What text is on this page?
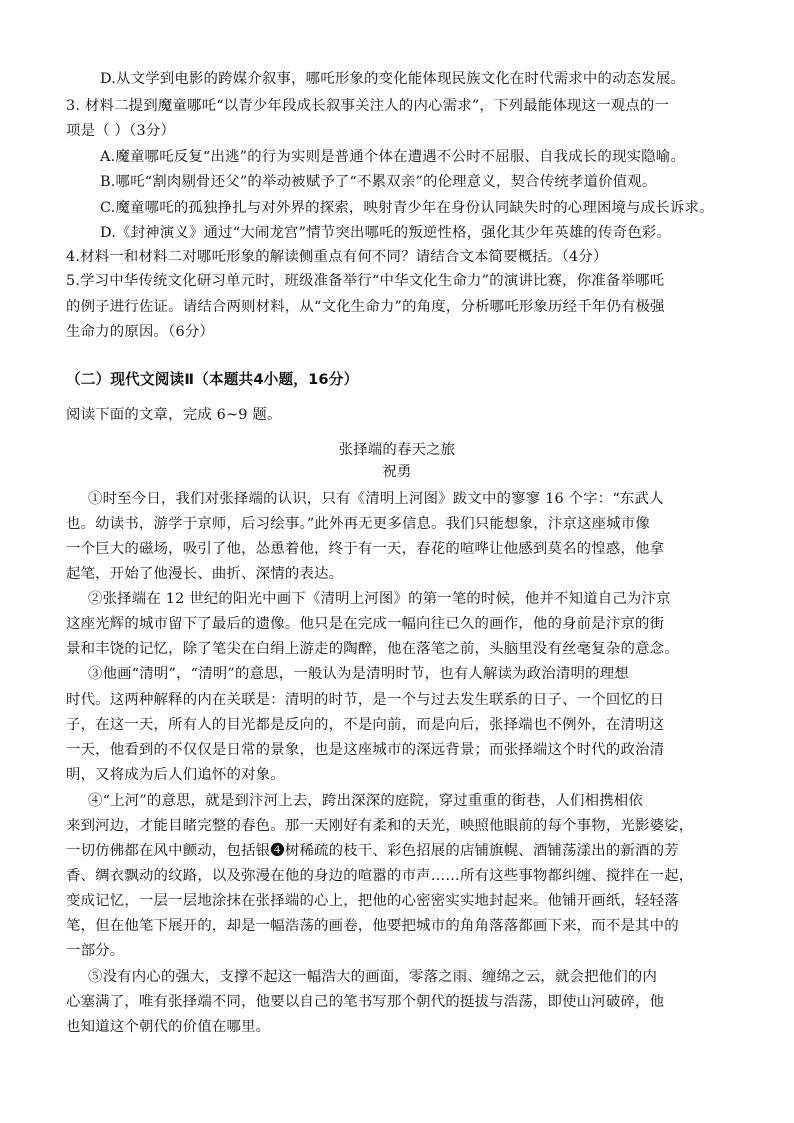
D.从文学到电影的跨媒介叙事，哪吒形象的变化能体现民族文化在时代需求中的动态发展。
3. 材料二提到魔童哪吒“以青少年段成长叙事关注人的内心需求”，下列最能体现这一观点的一
项是（ ）（3分）
A.魔童哪吒反复“出逃”的行为实则是普通个体在遭遇不公时不屈服、自我成长的现实隐喻。
B.哪吒“割肉剔骨还父”的举动被赋予了“不累双亲”的伦理意义，契合传统孝道价值观。
C.魔童哪吒的孤独挣扎与对外界的探索，映射青少年在身份认同缺失时的心理困境与成长诉求。
D.《封神演义》通过“大闹龙宫”情节突出哪吒的叛逆性格，强化其少年英雄的传奇色彩。
4.材料一和材料二对哪吒形象的解读侧重点有何不同？请结合文本简要概括。（4分）
5.学习中华传统文化研习单元时，班级准备举行“中华文化生命力”的演讲比赛，你准备举哪吒
的例子进行佐证。请结合两则材料，从“文化生命力”的角度，分析哪吒形象历经千年仍有极强
生命力的原因。（6分）
（二）现代文阅读Ⅱ（本题共4小题，16分）
阅读下面的文章，完成 6~9 题。
张择端的春天之旅
祝勇
①时至今日，我们对张择端的认识，只有《清明上河图》跋文中的寥寥 16 个字：“东武人
也。幼读书，游学于京师，后习绘事。”此外再无更多信息。我们只能想象，汴京这座城市像
一个巨大的磁场，吸引了他，怂恿着他，终于有一天，春花的喧哗让他感到莫名的惶惑，他拿
起笔，开始了他漫长、曲折、深情的表达。
②张择端在 12 世纪的阳光中画下《清明上河图》的第一笔的时候，他并不知道自己为汴京
这座光辉的城市留下了最后的遗像。他只是在完成一幅向往已久的画作，他的身前是汴京的街
景和丰饶的记忆，除了笔尖在白绢上游走的陶醉，他在落笔之前，头脑里没有丝毫复杂的意念。
③他画“清明”，“清明”的意思，一般认为是清明时节，也有人解读为政治清明的理想
时代。这两种解释的内在关联是：清明的时节，是一个与过去发生联系的日子、一个回忆的日
子，在这一天，所有人的目光都是反向的，不是向前，而是向后，张择端也不例外，在清明这
一天，他看到的不仅仅是日常的景象，也是这座城市的深远背景；而张择端这个时代的政治清
明，又将成为后人们追怀的对象。
④“上河”的意思，就是到汴河上去，跨出深深的庭院，穿过重重的街巷，人们相携相依
来到河边，才能目睹完整的春色。那一天刚好有柔和的天光，映照他眼前的每个事物，光影婆娑，
一切仿佛都在风中颤动，包括银❹树稀疏的枝干、彩色招展的店铺旗幌、酒铺荡漾出的新酒的芳
香、绸衣飘动的纹路，以及弥漫在他的身边的喧嚣的市声……所有这些事物都纠缠、搅拌在一起，
变成记忆，一层一层地涂抹在张择端的心上，把他的心密密实实地封起来。他铺开画纸，轻轻落
笔，但在他笔下展开的，却是一幅浩荡的画卷，他要把城市的角角落落都画下来，而不是其中的
一部分。
⑤没有内心的强大，支撑不起这一幅浩大的画面，零落之雨、缠绵之云，就会把他们的内
心塞满了，唯有张择端不同，他要以自己的笔书写那个朝代的挺拔与浩荡，即使山河破碎，他
也知道这个朝代的价值在哪里。
